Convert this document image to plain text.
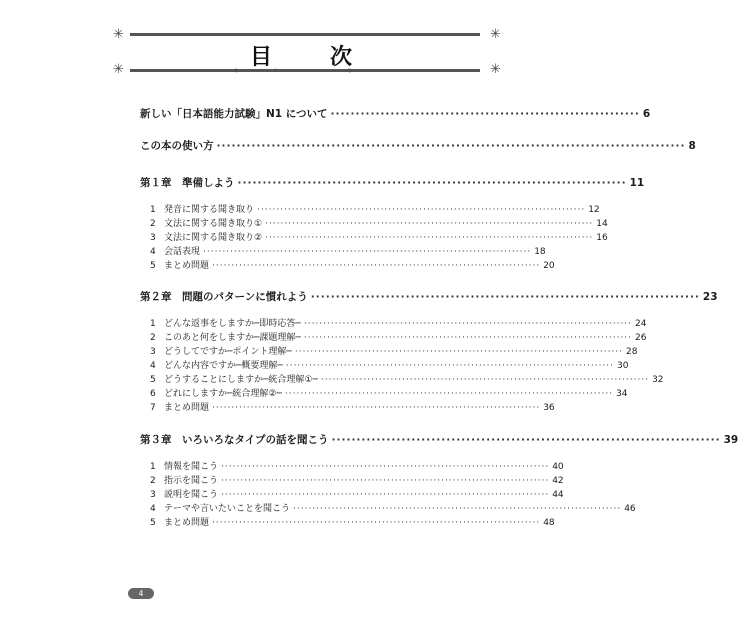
✳	✳
✳	✳
目　次
もく じ
新しい「日本語能力試験」N1 について ······························································ 6
この本の使い方 ······························································································ 8
第１章　準備しよう ·············································································· 11
1 発音に関する聞き取り ····················································································· 12
2 文法に関する聞き取り① ····················································································· 14
3 文法に関する聞き取り② ····················································································· 16
4 会話表現 ····················································································· 18
5 まとめ問題 ····················································································· 20
第２章　問題のパターンに慣れよう ·············································································· 23
1 どんな返事をしますか─即時応答─ ····················································································· 24
2 このあと何をしますか─課題理解─ ····················································································· 26
3 どうしてですか─ポイント理解─ ····················································································· 28
4 どんな内容ですか─概要理解─ ····················································································· 30
5 どうすることにしますか─統合理解①─ ····················································································· 32
6 どれにしますか─統合理解②─ ····················································································· 34
7 まとめ問題 ····················································································· 36
第３章　いろいろなタイプの話を聞こう ·············································································· 39
1 情報を聞こう ····················································································· 40
2 指示を聞こう ····················································································· 42
3 説明を聞こう ····················································································· 44
4 テーマや言いたいことを聞こう ····················································································· 46
5 まとめ問題 ····················································································· 48
4
